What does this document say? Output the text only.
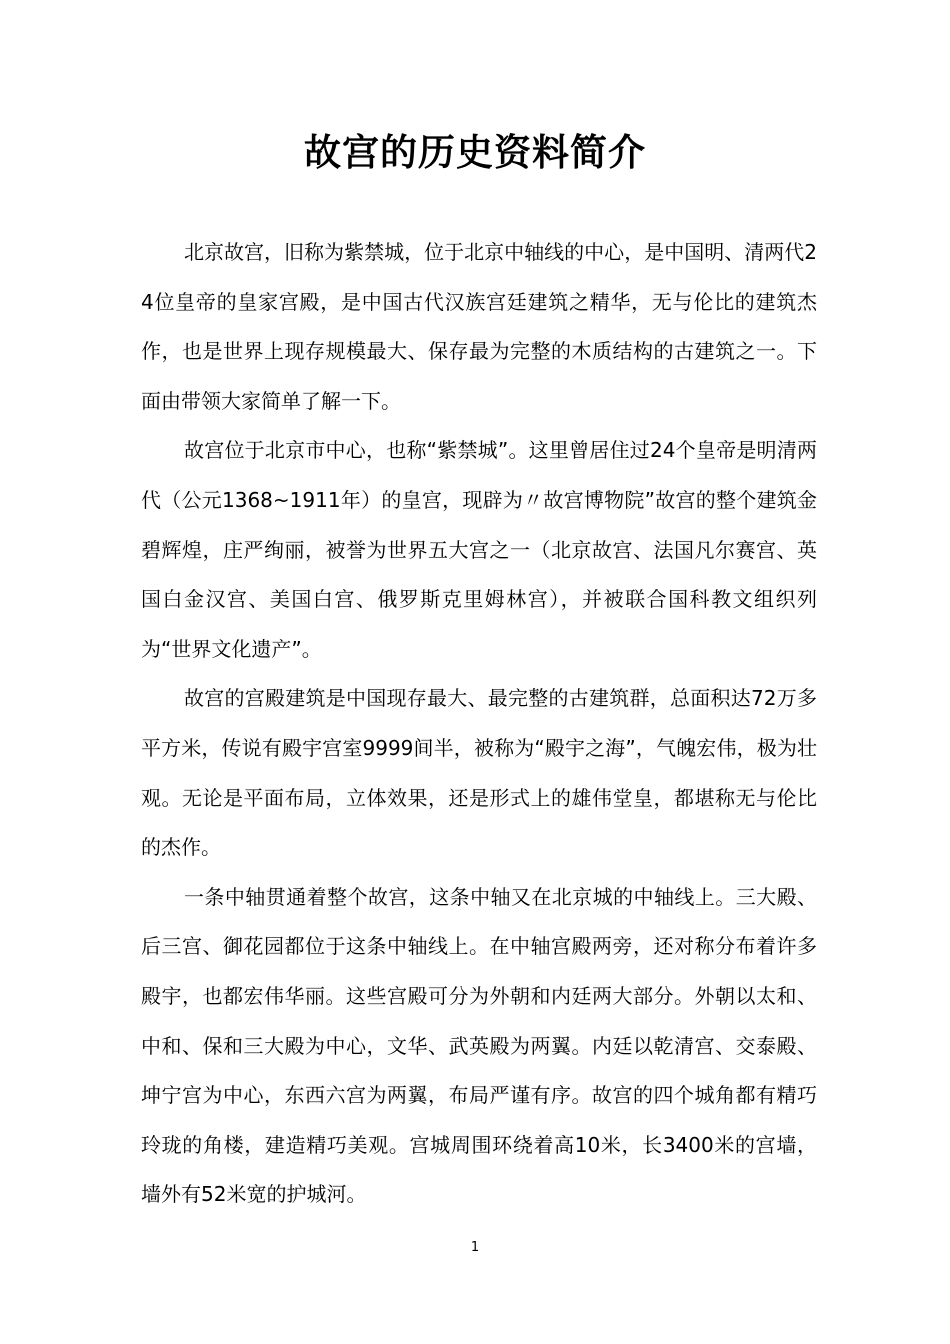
故宫的历史资料简介

北京故宫，旧称为紫禁城，位于北京中轴线的中心，是中国明、清两代24位皇帝的皇家宫殿，是中国古代汉族宫廷建筑之精华，无与伦比的建筑杰作，也是世界上现存规模最大、保存最为完整的木质结构的古建筑之一。下面由带领大家简单了解一下。

故宫位于北京市中心，也称“紫禁城”。这里曾居住过24个皇帝是明清两代（公元1368~1911年）的皇宫，现辟为〃故宫博物院”故宫的整个建筑金碧辉煌，庄严绚丽，被誉为世界五大宫之一（北京故宫、法国凡尔赛宫、英国白金汉宫、美国白宫、俄罗斯克里姆林宫），并被联合国科教文组织列为“世界文化遗产”。

故宫的宫殿建筑是中国现存最大、最完整的古建筑群，总面积达72万多平方米，传说有殿宇宫室9999间半，被称为“殿宇之海”，气魄宏伟，极为壮观。无论是平面布局，立体效果，还是形式上的雄伟堂皇，都堪称无与伦比的杰作。

一条中轴贯通着整个故宫，这条中轴又在北京城的中轴线上。三大殿、后三宫、御花园都位于这条中轴线上。在中轴宫殿两旁，还对称分布着许多殿宇，也都宏伟华丽。这些宫殿可分为外朝和内廷两大部分。外朝以太和、中和、保和三大殿为中心，文华、武英殿为两翼。内廷以乾清宫、交泰殿、坤宁宫为中心，东西六宫为两翼，布局严谨有序。故宫的四个城角都有精巧玲珑的角楼，建造精巧美观。宫城周围环绕着高10米，长3400米的宫墙，墙外有52米宽的护城河。

1
